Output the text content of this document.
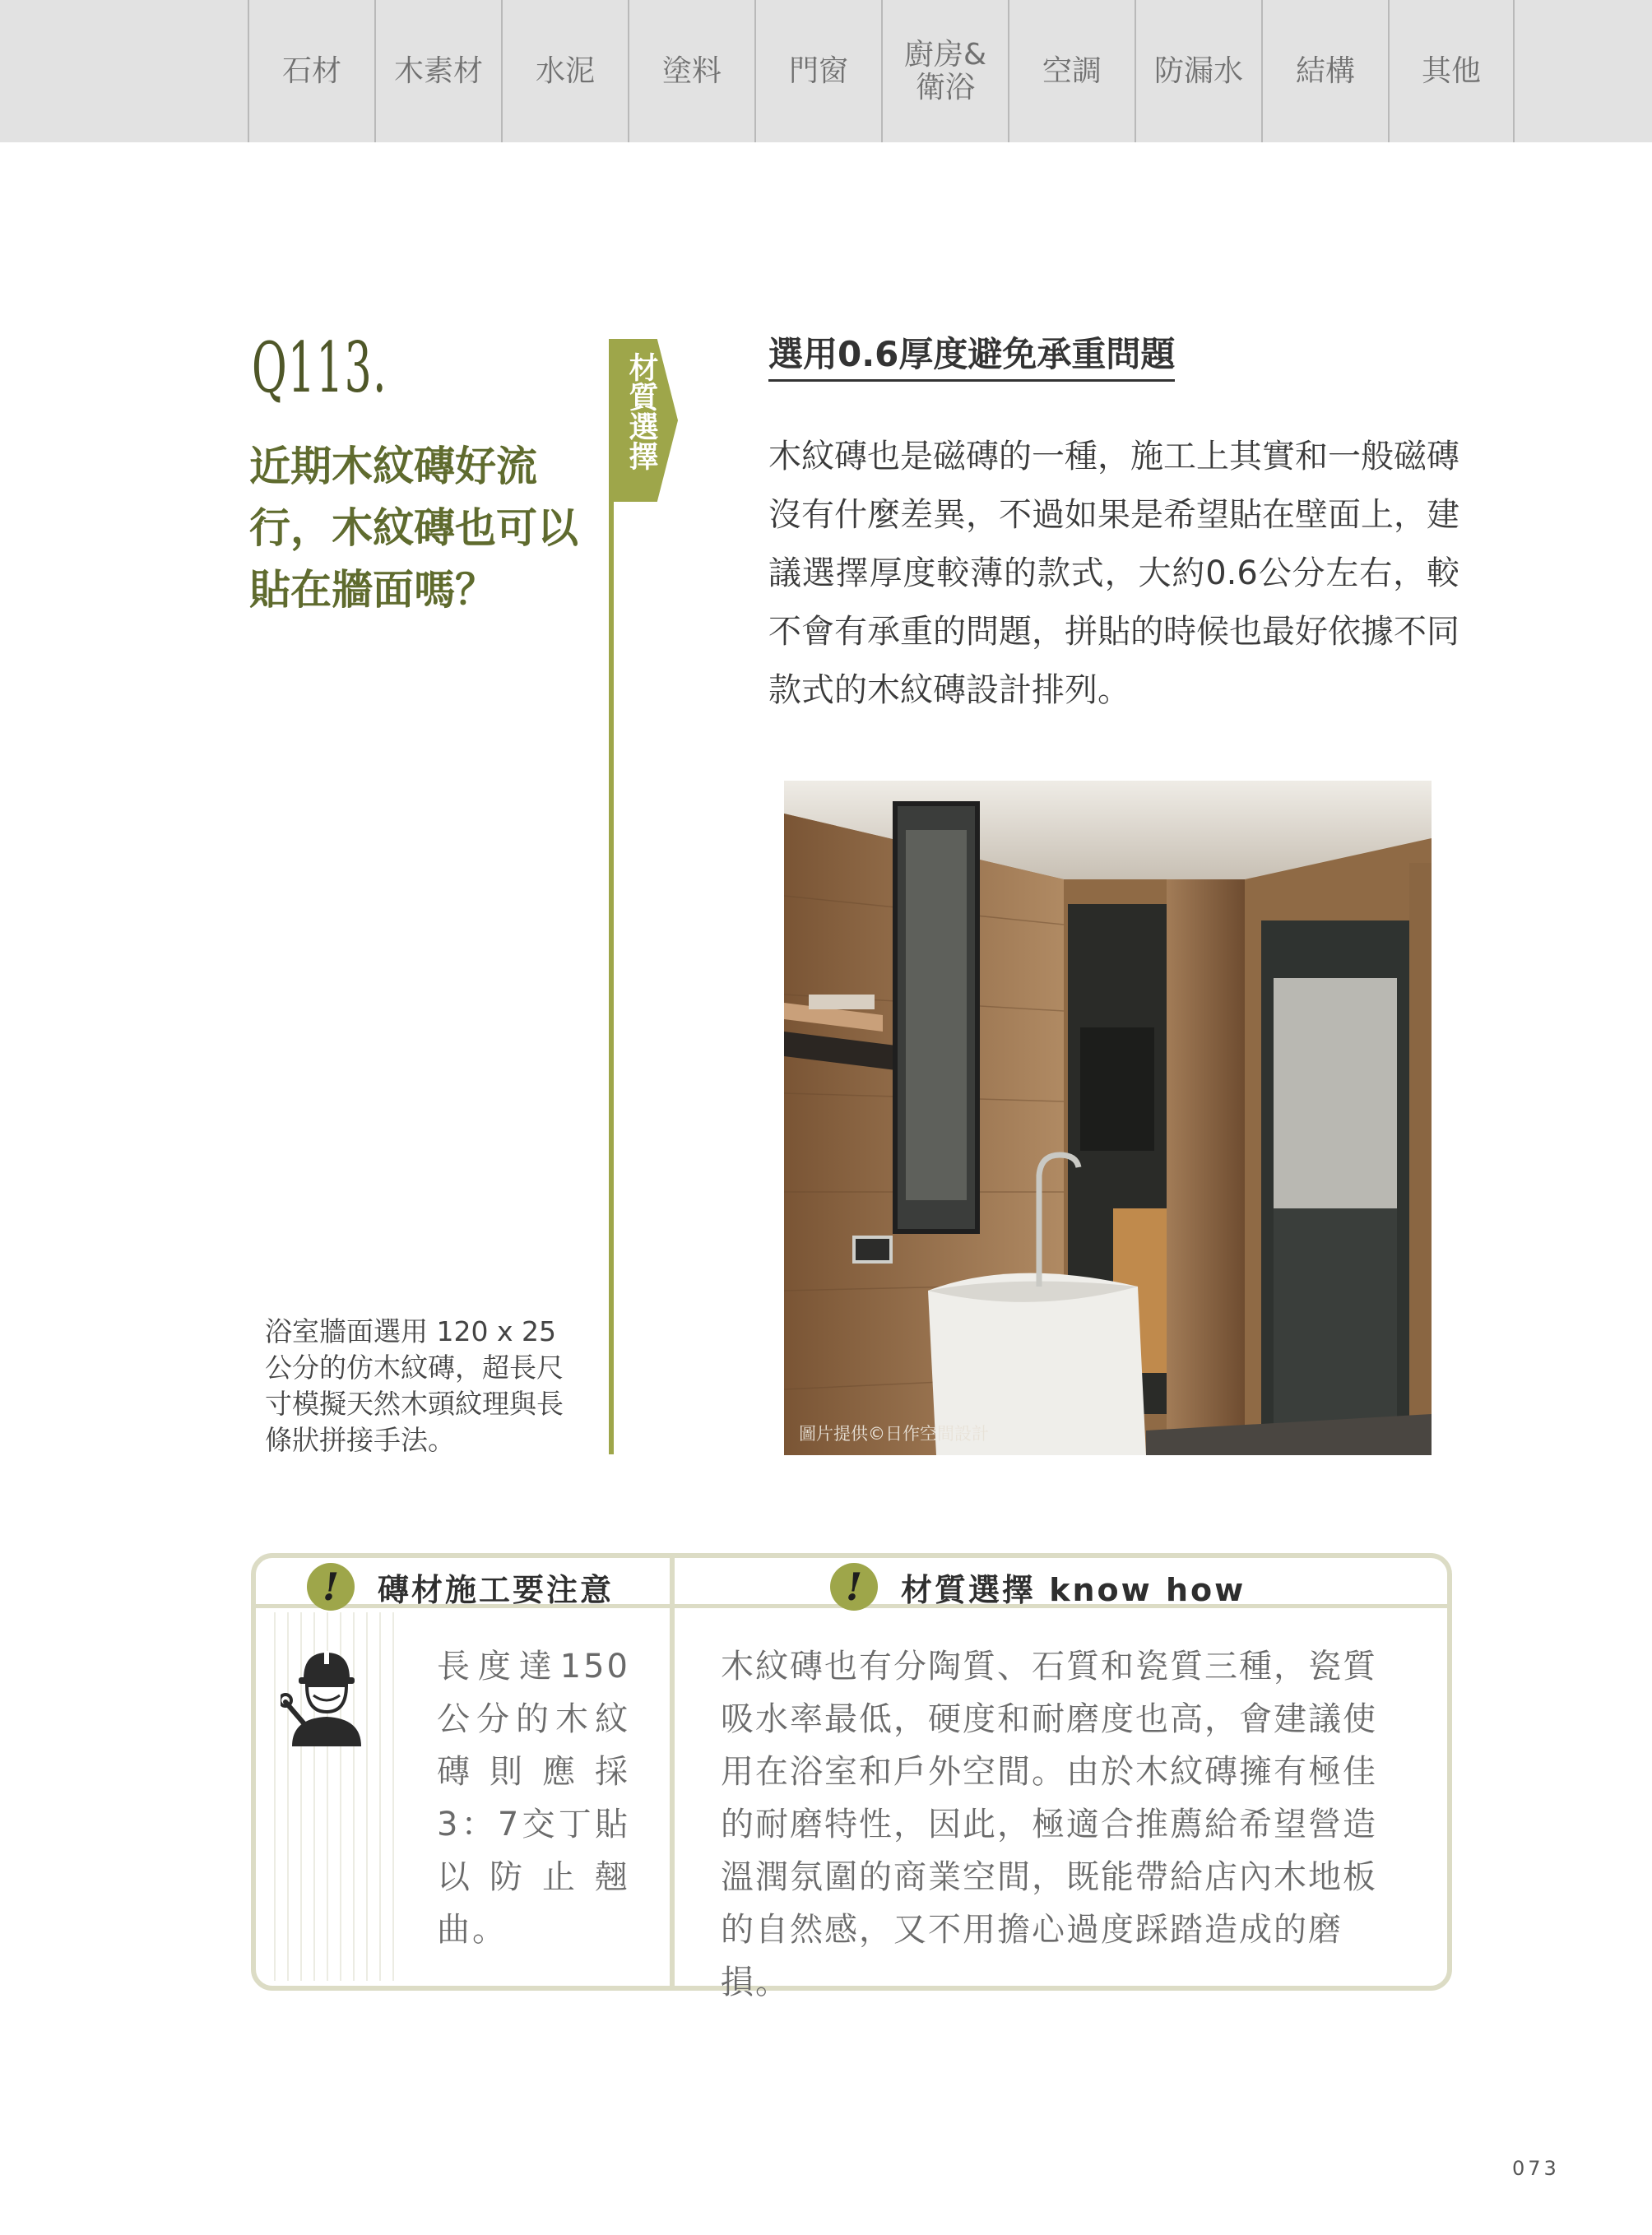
石材 木素材 水泥 塗料 門窗 廚房&衛浴	空調 防漏水 結構 其他
Q113.
近期木紋磚好流行，木紋磚也可以貼在牆面嗎？
材質選擇
浴室牆面選用 120 x 25 公分的仿木紋磚，超長尺寸模擬天然木頭紋理與長條狀拼接手法。
選用0.6厚度避免承重問題
木紋磚也是磁磚的一種，施工上其實和一般磁磚沒有什麼差異，不過如果是希望貼在壁面上，建議選擇厚度較薄的款式，大約0.6公分左右，較不會有承重的問題，拼貼的時候也最好依據不同款式的木紋磚設計排列。
圖片提供©日作空間設計
!	磚材施工要注意	!	材質選擇 know how
長度達150公分的木紋磚則應採3：7交丁貼以防止翹曲。
木紋磚也有分陶質、石質和瓷質三種，瓷質吸水率最低，硬度和耐磨度也高，會建議使用在浴室和戶外空間。由於木紋磚擁有極佳的耐磨特性，因此，極適合推薦給希望營造溫潤氛圍的商業空間，既能帶給店內木地板的自然感，又不用擔心過度踩踏造成的磨損。
073
